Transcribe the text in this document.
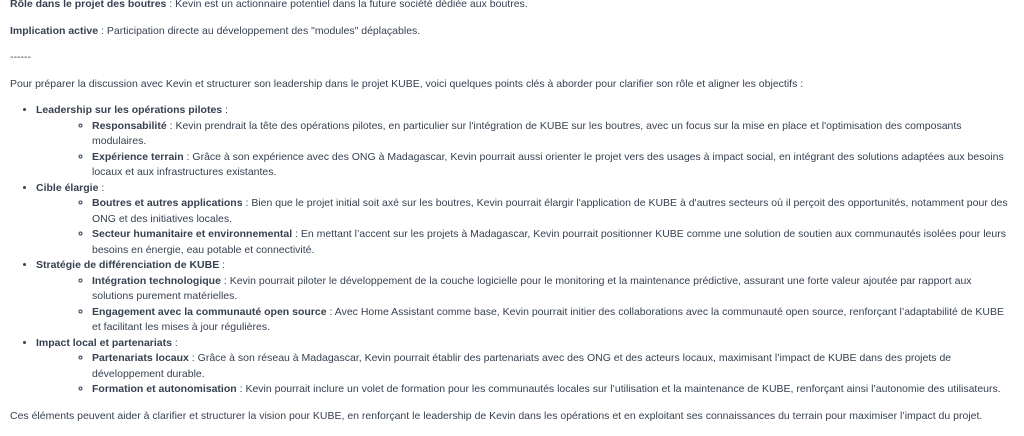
Rôle dans le projet des boutres : Kevin est un actionnaire potentiel dans la future société dédiée aux boutres.

Implication active : Participation directe au développement des "modules" déplaçables.

------

Pour préparer la discussion avec Kevin et structurer son leadership dans le projet KUBE, voici quelques points clés à aborder pour clarifier son rôle et aligner les objectifs :

• Leadership sur les opérations pilotes :
◦ Responsabilité : Kevin prendrait la tête des opérations pilotes, en particulier sur l'intégration de KUBE sur les boutres, avec un focus sur la mise en place et l'optimisation des composants modulaires.
◦ Expérience terrain : Grâce à son expérience avec des ONG à Madagascar, Kevin pourrait aussi orienter le projet vers des usages à impact social, en intégrant des solutions adaptées aux besoins locaux et aux infrastructures existantes.
• Cible élargie :
◦ Boutres et autres applications : Bien que le projet initial soit axé sur les boutres, Kevin pourrait élargir l'application de KUBE à d'autres secteurs où il perçoit des opportunités, notamment pour des ONG et des initiatives locales.
◦ Secteur humanitaire et environnemental : En mettant l’accent sur les projets à Madagascar, Kevin pourrait positionner KUBE comme une solution de soutien aux communautés isolées pour leurs besoins en énergie, eau potable et connectivité.
• Stratégie de différenciation de KUBE :
◦ Intégration technologique : Kevin pourrait piloter le développement de la couche logicielle pour le monitoring et la maintenance prédictive, assurant une forte valeur ajoutée par rapport aux solutions purement matérielles.
◦ Engagement avec la communauté open source : Avec Home Assistant comme base, Kevin pourrait initier des collaborations avec la communauté open source, renforçant l’adaptabilité de KUBE et facilitant les mises à jour régulières.
• Impact local et partenariats :
◦ Partenariats locaux : Grâce à son réseau à Madagascar, Kevin pourrait établir des partenariats avec des ONG et des acteurs locaux, maximisant l’impact de KUBE dans des projets de développement durable.
◦ Formation et autonomisation : Kevin pourrait inclure un volet de formation pour les communautés locales sur l’utilisation et la maintenance de KUBE, renforçant ainsi l’autonomie des utilisateurs.

Ces éléments peuvent aider à clarifier et structurer la vision pour KUBE, en renforçant le leadership de Kevin dans les opérations et en exploitant ses connaissances du terrain pour maximiser l’impact du projet.
